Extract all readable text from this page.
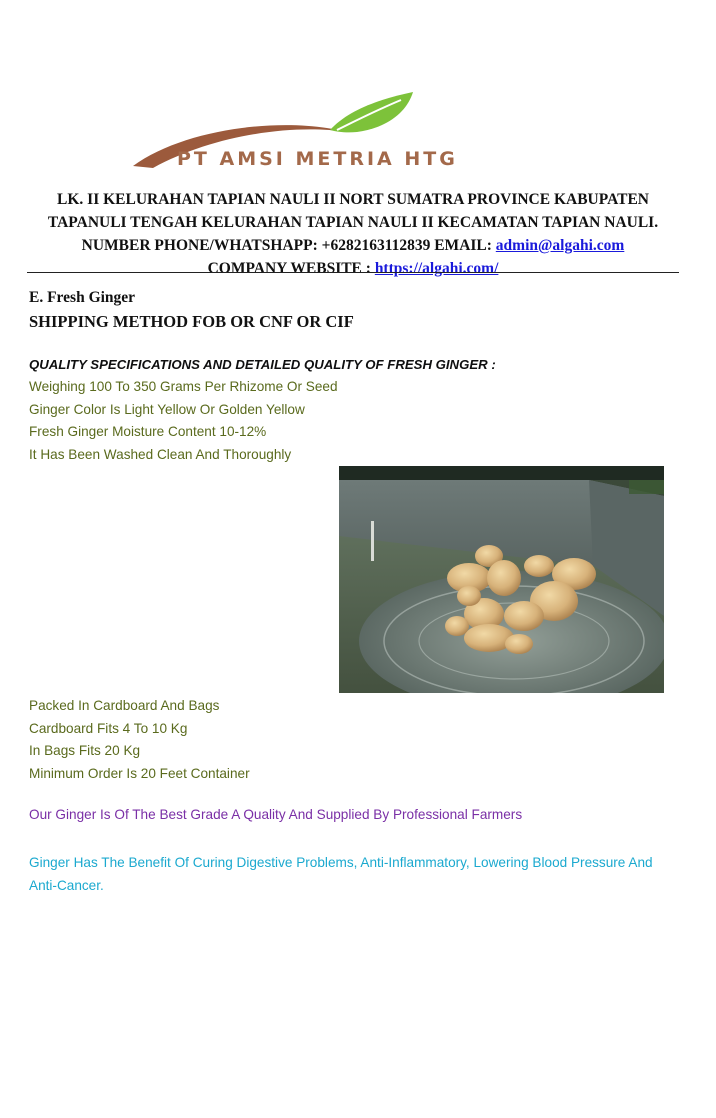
PT AMSI METRIA HTG
LK. II KELURAHAN TAPIAN NAULI II NORT SUMATRA PROVINCE KABUPATEN
TAPANULI TENGAH KELURAHAN TAPIAN NAULI II KECAMATAN TAPIAN NAULI.
NUMBER PHONE/WHATSHAPP: +6282163112839 EMAIL: admin@algahi.com
COMPANY WEBSITE : https://algahi.com/
E. Fresh Ginger
SHIPPING METHOD FOB OR CNF OR CIF
QUALITY SPECIFICATIONS AND DETAILED QUALITY OF FRESH GINGER :
Weighing 100 To 350 Grams Per Rhizome Or Seed
Ginger Color Is Light Yellow Or Golden Yellow
Fresh Ginger Moisture Content 10-12%
It Has Been Washed Clean And Thoroughly
Packed In Cardboard And Bags
Cardboard Fits 4 To 10 Kg
In Bags Fits 20 Kg
Minimum Order Is 20 Feet Container
Our Ginger Is Of The Best Grade A Quality And Supplied By Professional Farmers
Ginger Has The Benefit Of Curing Digestive Problems, Anti-Inflammatory, Lowering Blood Pressure And Anti-Cancer.
